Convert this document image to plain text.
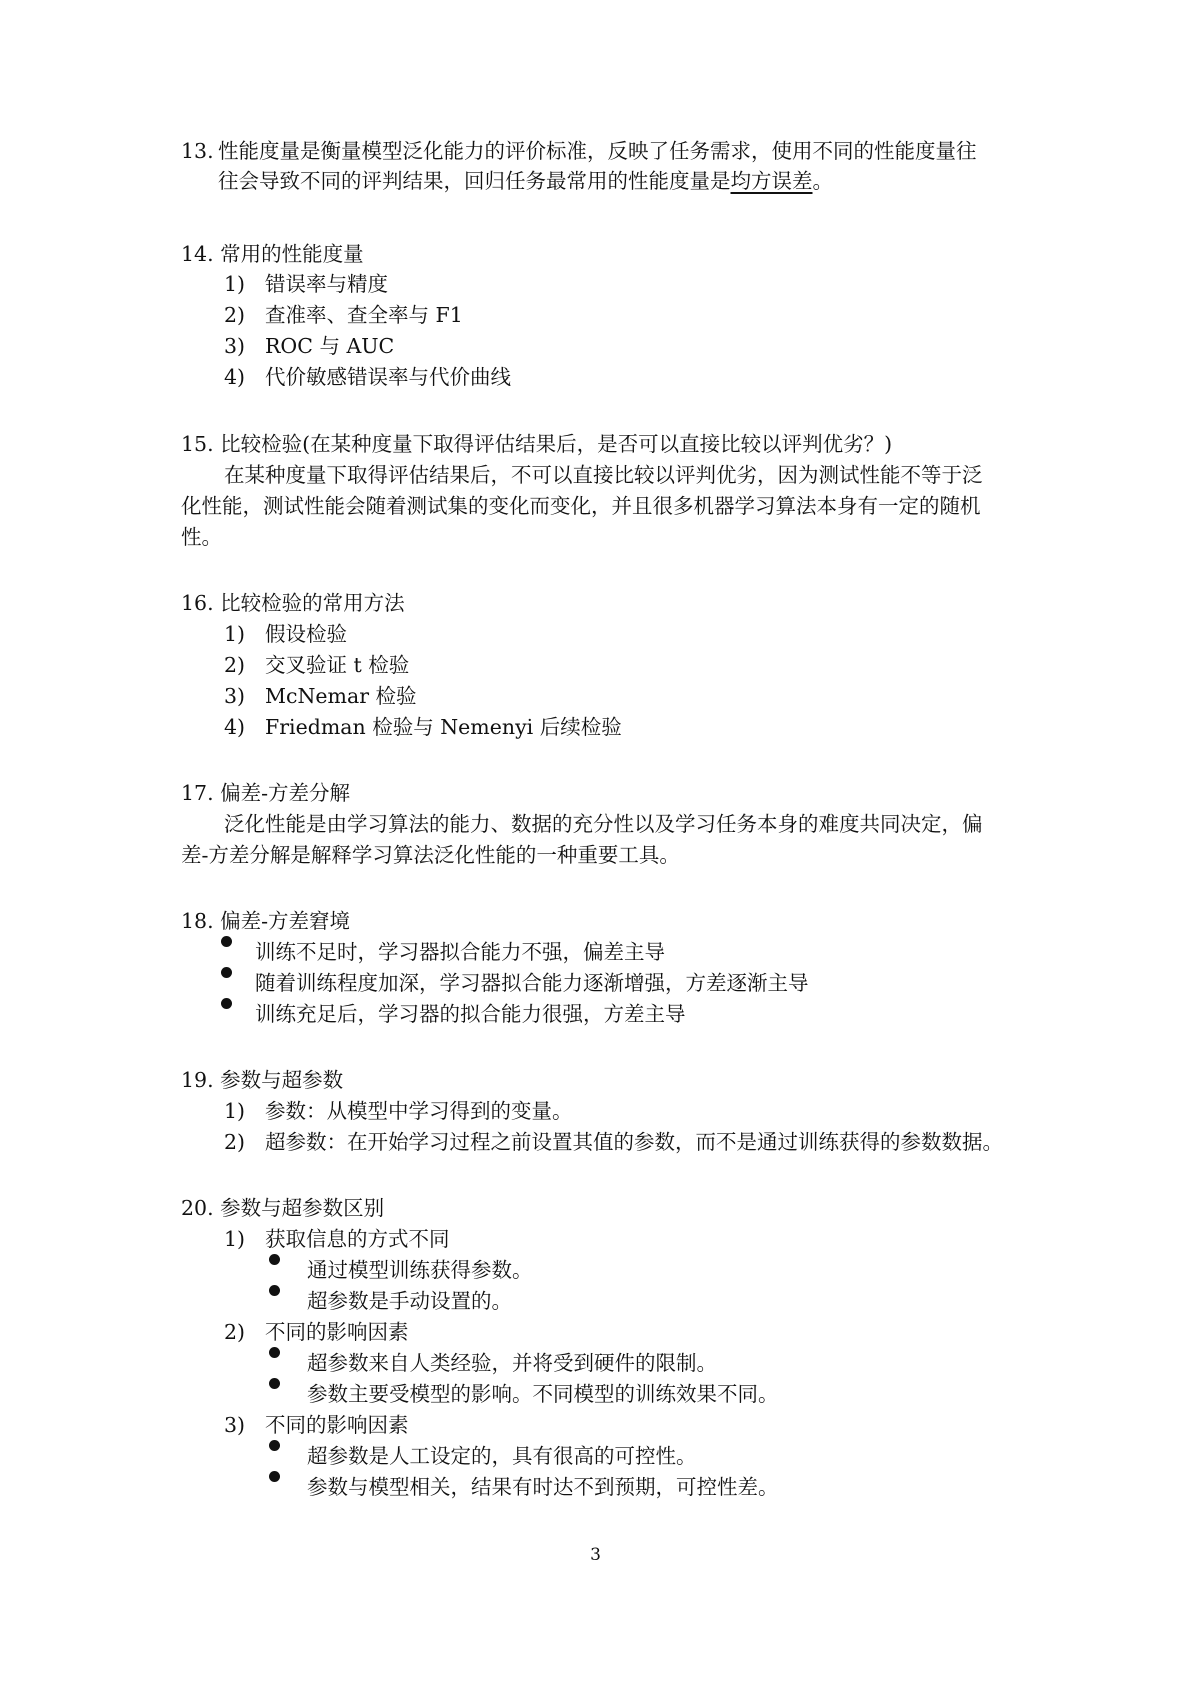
13. 性能度量是衡量模型泛化能力的评价标准，反映了任务需求，使用不同的性能度量往
往会导致不同的评判结果，回归任务最常用的性能度量是均方误差。
14. 常用的性能度量
1) 错误率与精度
2) 查准率、查全率与 F1
3) ROC 与 AUC
4) 代价敏感错误率与代价曲线
15. 比较检验(在某种度量下取得评估结果后，是否可以直接比较以评判优劣？)
在某种度量下取得评估结果后，不可以直接比较以评判优劣，因为测试性能不等于泛
化性能，测试性能会随着测试集的变化而变化，并且很多机器学习算法本身有一定的随机
性。
16. 比较检验的常用方法
1) 假设检验
2) 交叉验证 t 检验
3) McNemar 检验
4) Friedman 检验与 Nemenyi 后续检验
17. 偏差-方差分解
泛化性能是由学习算法的能力、数据的充分性以及学习任务本身的难度共同决定，偏
差-方差分解是解释学习算法泛化性能的一种重要工具。
18. 偏差-方差窘境
训练不足时，学习器拟合能力不强，偏差主导
随着训练程度加深，学习器拟合能力逐渐增强，方差逐渐主导
训练充足后，学习器的拟合能力很强，方差主导
19. 参数与超参数
1) 参数：从模型中学习得到的变量。
2) 超参数：在开始学习过程之前设置其值的参数，而不是通过训练获得的参数数据。
20. 参数与超参数区别
1) 获取信息的方式不同
通过模型训练获得参数。
超参数是手动设置的。
2) 不同的影响因素
超参数来自人类经验，并将受到硬件的限制。
参数主要受模型的影响。不同模型的训练效果不同。
3) 不同的影响因素
超参数是人工设定的，具有很高的可控性。
参数与模型相关，结果有时达不到预期，可控性差。
3
